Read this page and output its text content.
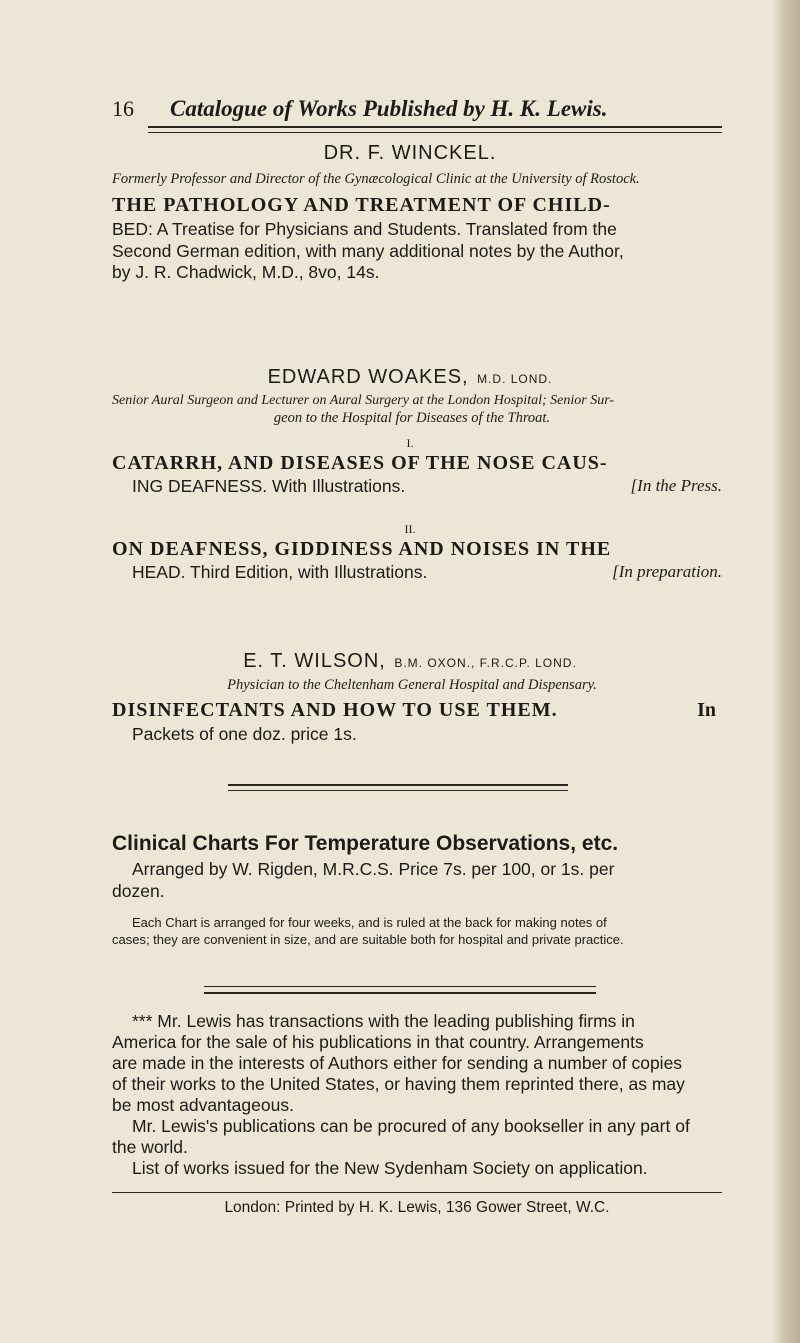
16 Catalogue of Works Published by H. K. Lewis.
DR. F. WINCKEL.
Formerly Professor and Director of the Gynæcological Clinic at the University of Rostock.
THE PATHOLOGY AND TREATMENT OF CHILD-
BED: A Treatise for Physicians and Students. Translated from the
Second German edition, with many additional notes by the Author,
by J. R. Chadwick, M.D., 8vo, 14s.
EDWARD WOAKES, M.D. LOND.
Senior Aural Surgeon and Lecturer on Aural Surgery at the London Hospital; Senior Sur-
geon to the Hospital for Diseases of the Throat.
I.
CATARRH, AND DISEASES OF THE NOSE CAUS-
ING DEAFNESS. With Illustrations.	[In the Press.
II.
ON DEAFNESS, GIDDINESS AND NOISES IN THE
HEAD. Third Edition, with Illustrations.	[In preparation.
E. T. WILSON, B.M. OXON., F.R.C.P. LOND.
Physician to the Cheltenham General Hospital and Dispensary.
DISINFECTANTS AND HOW TO USE THEM.	In
Packets of one doz. price 1s.
Clinical Charts For Temperature Observations, etc.
Arranged by W. Rigden, M.R.C.S. Price 7s. per 100, or 1s. per
dozen.
Each Chart is arranged for four weeks, and is ruled at the back for making notes of
cases; they are convenient in size, and are suitable both for hospital and private practice.
*** Mr. Lewis has transactions with the leading publishing firms in
America for the sale of his publications in that country. Arrangements
are made in the interests of Authors either for sending a number of copies
of their works to the United States, or having them reprinted there, as may
be most advantageous.
Mr. Lewis's publications can be procured of any bookseller in any part of
the world.
List of works issued for the New Sydenham Society on application.
London: Printed by H. K. Lewis, 136 Gower Street, W.C.
